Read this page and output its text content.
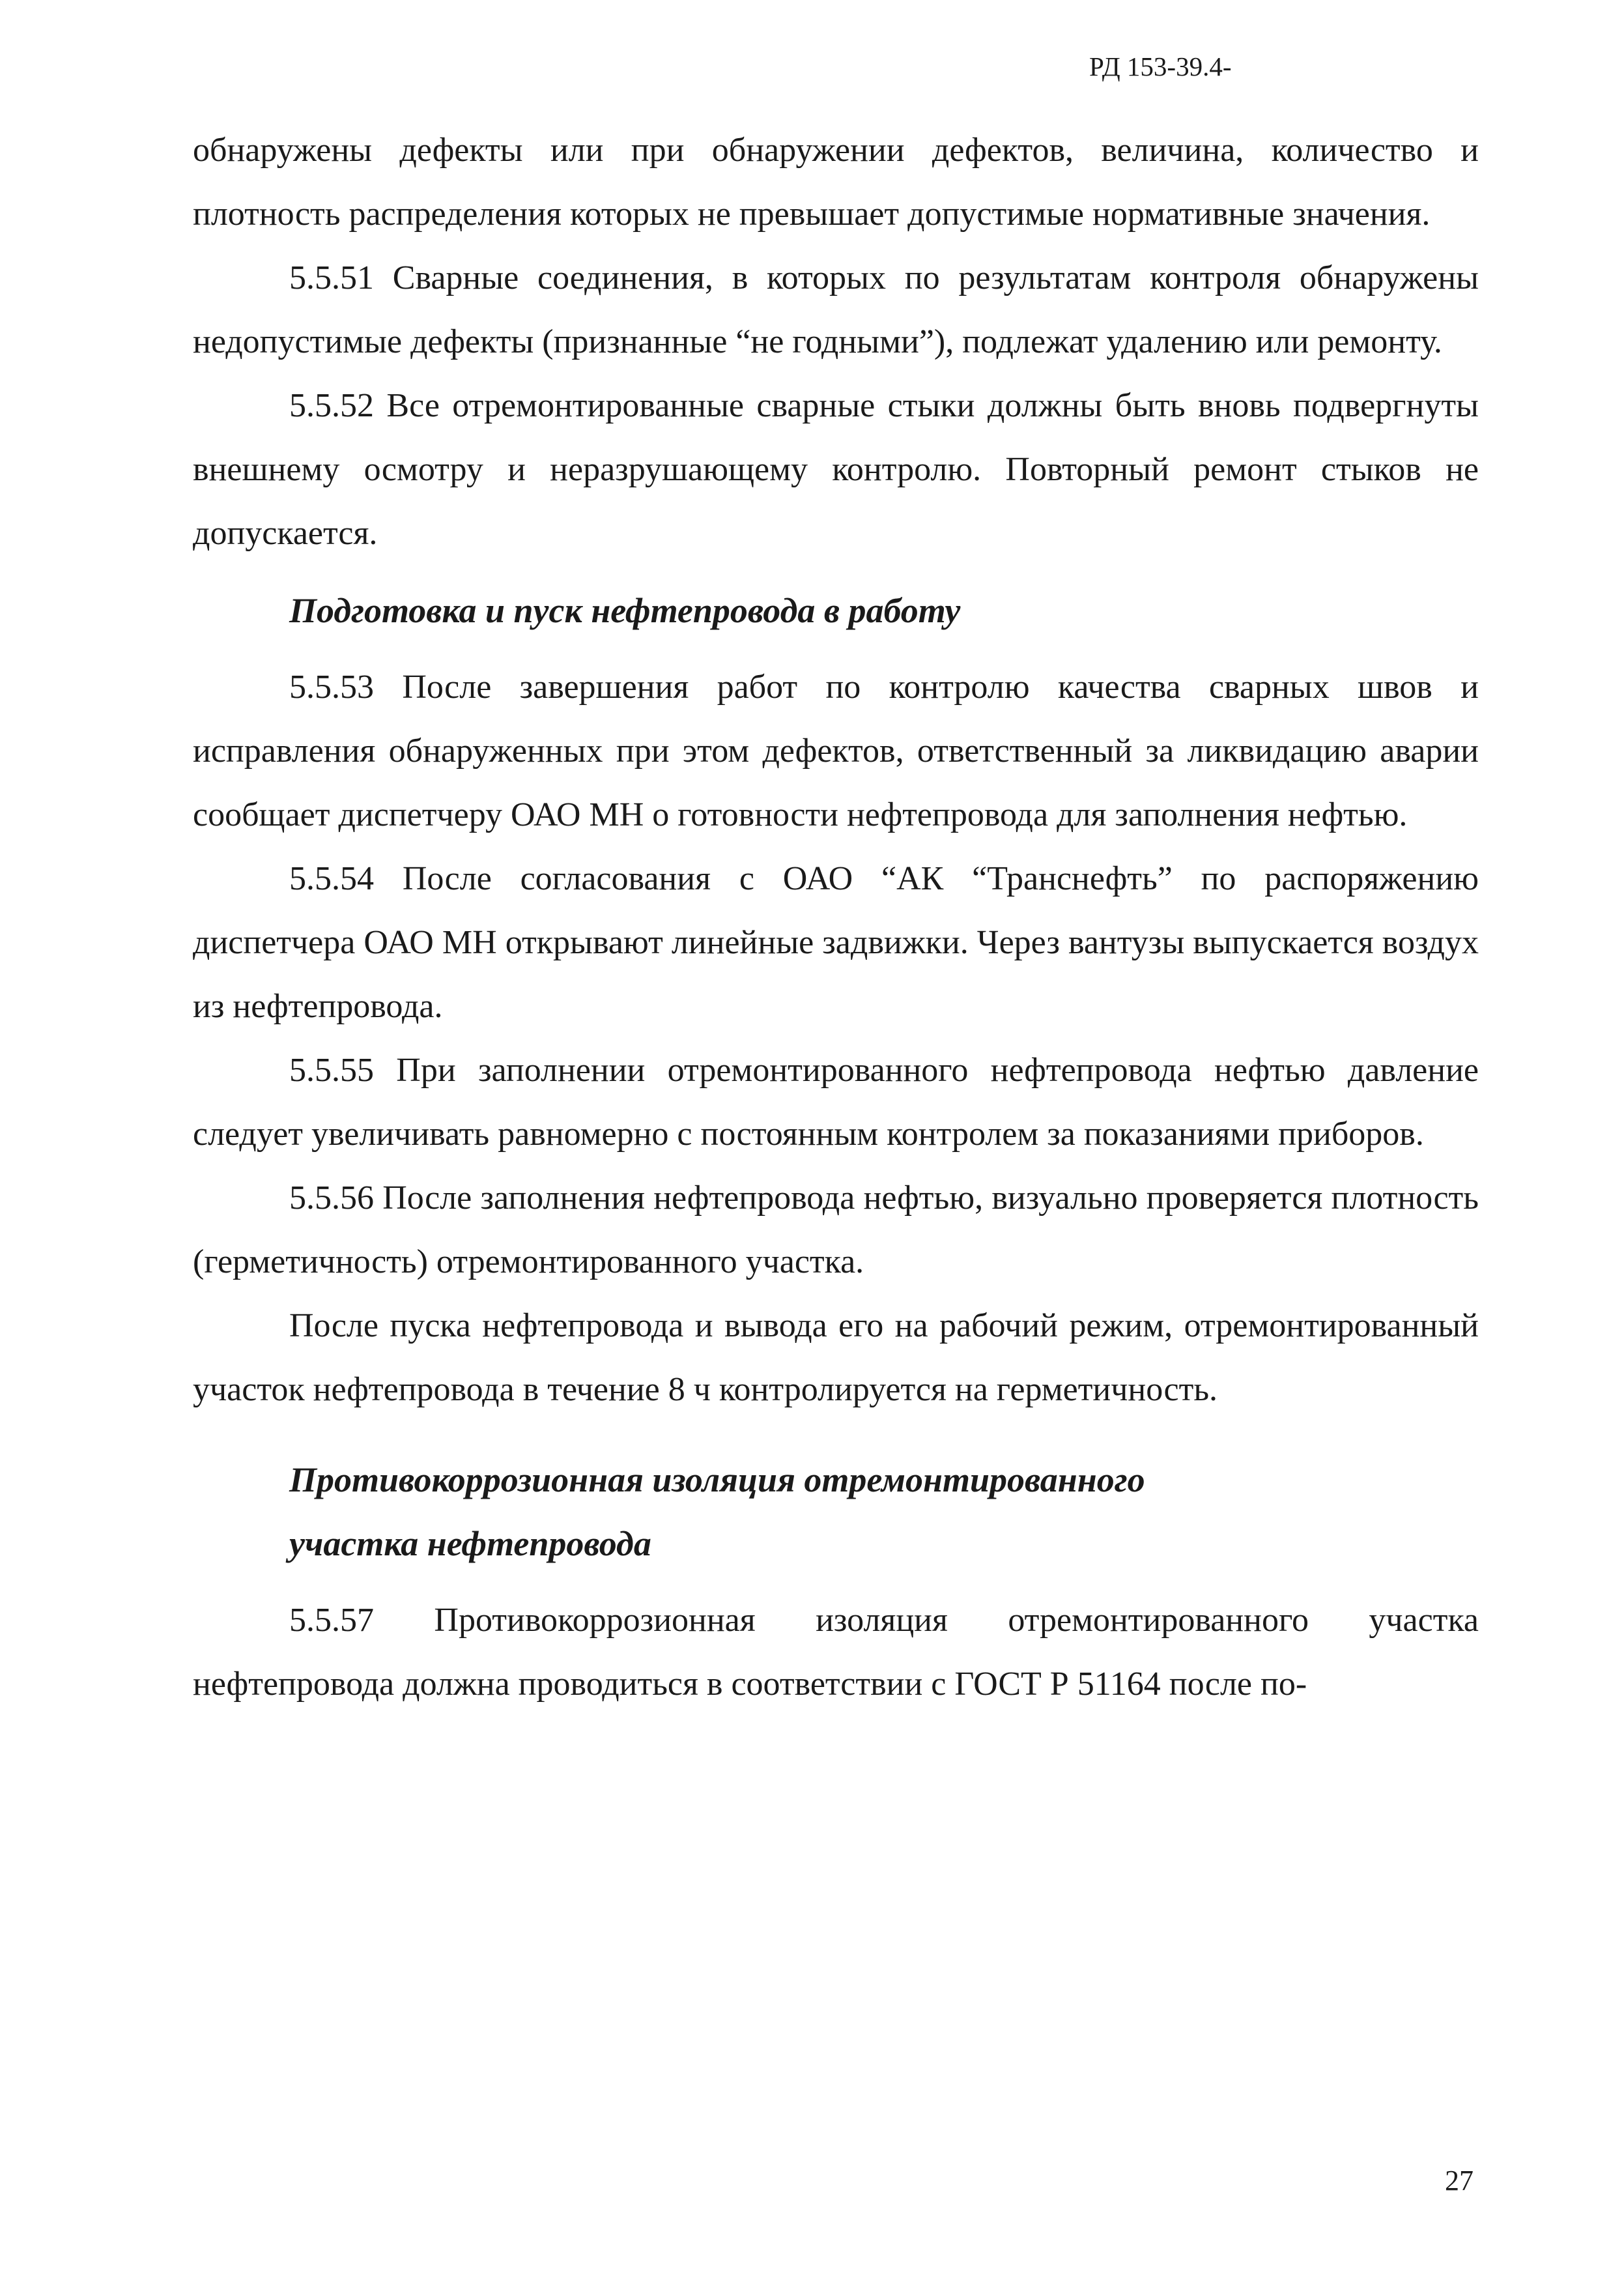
РД 153-39.4-

обнаружены дефекты или при обнаружении дефектов, величина, количество и плотность распределения которых не превышает допустимые нормативные значения.

5.5.51 Сварные соединения, в которых по результатам контроля обнаружены недопустимые дефекты (признанные “не годными”), подлежат удалению или ремонту.

5.5.52 Все отремонтированные сварные стыки должны быть вновь подвергнуты внешнему осмотру и неразрушающему контролю. Повторный ремонт стыков не допускается.

Подготовка и пуск нефтепровода в работу

5.5.53 После завершения работ по контролю качества сварных швов и исправления обнаруженных при этом дефектов, ответственный за ликвидацию аварии сообщает диспетчеру ОАО МН о готовности нефтепровода для заполнения нефтью.

5.5.54 После согласования с ОАО “АК “Транснефть” по распоряжению диспетчера ОАО МН открывают линейные задвижки. Через вантузы выпускается воздух из нефтепровода.

5.5.55 При заполнении отремонтированного нефтепровода нефтью давление следует увеличивать равномерно с постоянным контролем за показаниями приборов.

5.5.56 После заполнения нефтепровода нефтью, визуально проверяется плотность (герметичность) отремонтированного участка.

После пуска нефтепровода и вывода его на рабочий режим, отремонтированный участок нефтепровода в течение 8 ч контролируется на герметичность.

Противокоррозионная изоляция отремонтированного

участка нефтепровода

5.5.57 Противокоррозионная изоляция отремонтированного участка нефтепровода должна проводиться в соответствии с ГОСТ Р 51164 после по-

27
